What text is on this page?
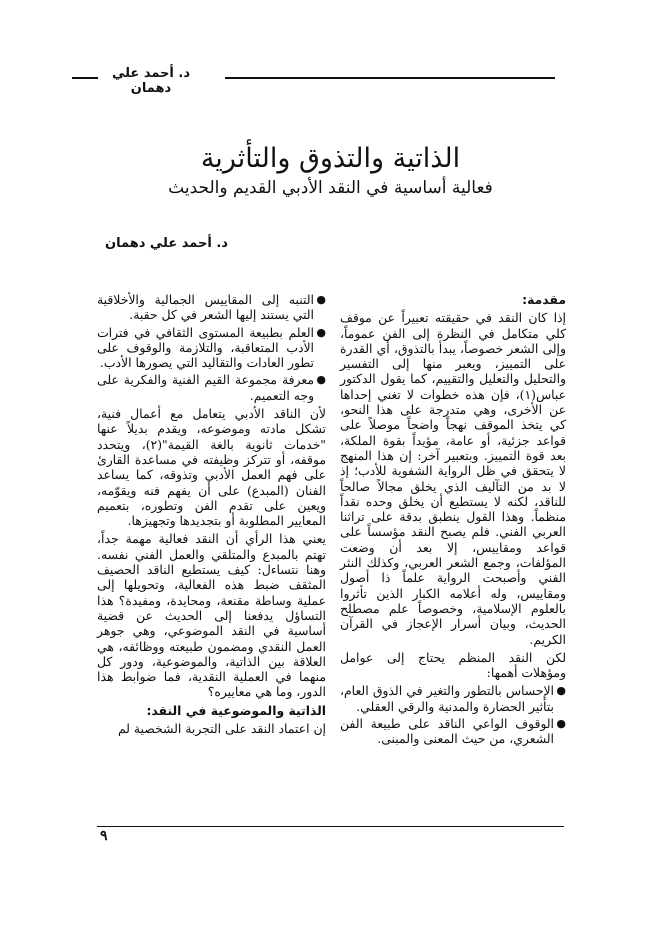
د. أحمد علي دهمان
الذاتية والتذوق والتأثرية
فعالية أساسية في النقد الأدبي القديم والحديث
د. أحمد علي دهمان
مقدمة:

إذا كان النقد في حقيقته تعبيراً عن موقف كلي متكامل في النظرة إلى الفن عموماً، وإلى الشعر خصوصاً، يبدأ بالتذوق، أي القدرة على التمييز، ويعبر منها إلى التفسير والتحليل والتعليل والتقييم، كما يقول الدكتور عباس(١)، فإن هذه خطوات لا تغني إحداها عن الأخرى، وهي متدرجة على هذا النحو، كي يتخذ الموقف نهجاً واضحاً موصلاً على قواعد جزئية، أو عامة، مؤيداً بقوة الملكة، بعد قوة التمييز. وبتعبير آخر: إن هذا المنهج لا يتحقق في ظل الرواية الشفوية للأدب؛ إذ لا بد من التآليف الذي يخلق مجالاً صالحاً للناقد، لكنه لا يستطيع أن يخلق وحده نقداً منظماً. وهذا القول ينطبق بدقة على تراثنا العربي الفني. فلم يصبح النقد مؤسساً على قواعد ومقاييس، إلا بعد أن وضعت المؤلفات، وجمع الشعر العربي، وكذلك النثر الفني وأصبحت الرواية علماً ذا أصول ومقاييس، وله أعلامه الكبار الذين تأثروا بالعلوم الإسلامية، وخصوصاً علم مصطلح الحديث، وبيان أسرار الإعجاز في القرآن الكريم.

لكن النقد المنظم يحتاج إلى عوامل ومؤهلات أهمها:

●
الإحساس بالتطور والتغير في الذوق العام، بتأثير الحضارة والمدنية والرقي العقلي.
●
الوقوف الواعي الناقد على طبيعة الفن الشعري، من حيث المعنى والمبنى.
●
التنبه إلى المقاييس الجمالية والأخلاقية التي يستند إليها الشعر في كل حقبة.
●
العلم بطبيعة المستوى الثقافي في فترات الأدب المتعاقبة، والتلازمة والوقوف على تطور العادات والتقاليد التي يصورها الأدب.
●
معرفة مجموعة القيم الفنية والفكرية على وجه التعميم.

لأن الناقد الأدبي يتعامل مع أعمال فنية، تشكل مادته وموضوعه، ويقدم بديلاً عنها "خدمات ثانوية بالغة القيمة"(٢)، ويتحدد موقفه، أو تتركز وظيفته في مساعدة القارئ على فهم العمل الأدبي وتذوقه، كما يساعد الفنان (المبدع) على أن يفهم فنه ويقوّمه، ويعين على تقدم الفن وتطوره، بتعميم المعايير المطلوبة أو بتجديدها وتجهيزها.

يعني هذا الرأي أن النقد فعالية مهمة جداً، تهتم بالمبدع والمتلقي والعمل الفني نفسه. وهنا نتساءل: كيف يستطيع الناقد الحصيف المثقف ضبط هذه الفعالية، وتحويلها إلى عملية وساطة مقنعة، ومحايدة، ومفيدة؟ هذا التساؤل يدفعنا إلى الحديث عن قضية أساسية في النقد الموضوعي، وهي جوهر العمل النقدي ومضمون طبيعته ووظائفه، هي العلاقة بين الذاتية، والموضوعية، ودور كل منهما في العملية النقدية، فما ضوابط هذا الدور، وما هي معاييره؟

الذاتية والموضوعية في النقد:

إن اعتماد النقد على التجربة الشخصية لم

٩
